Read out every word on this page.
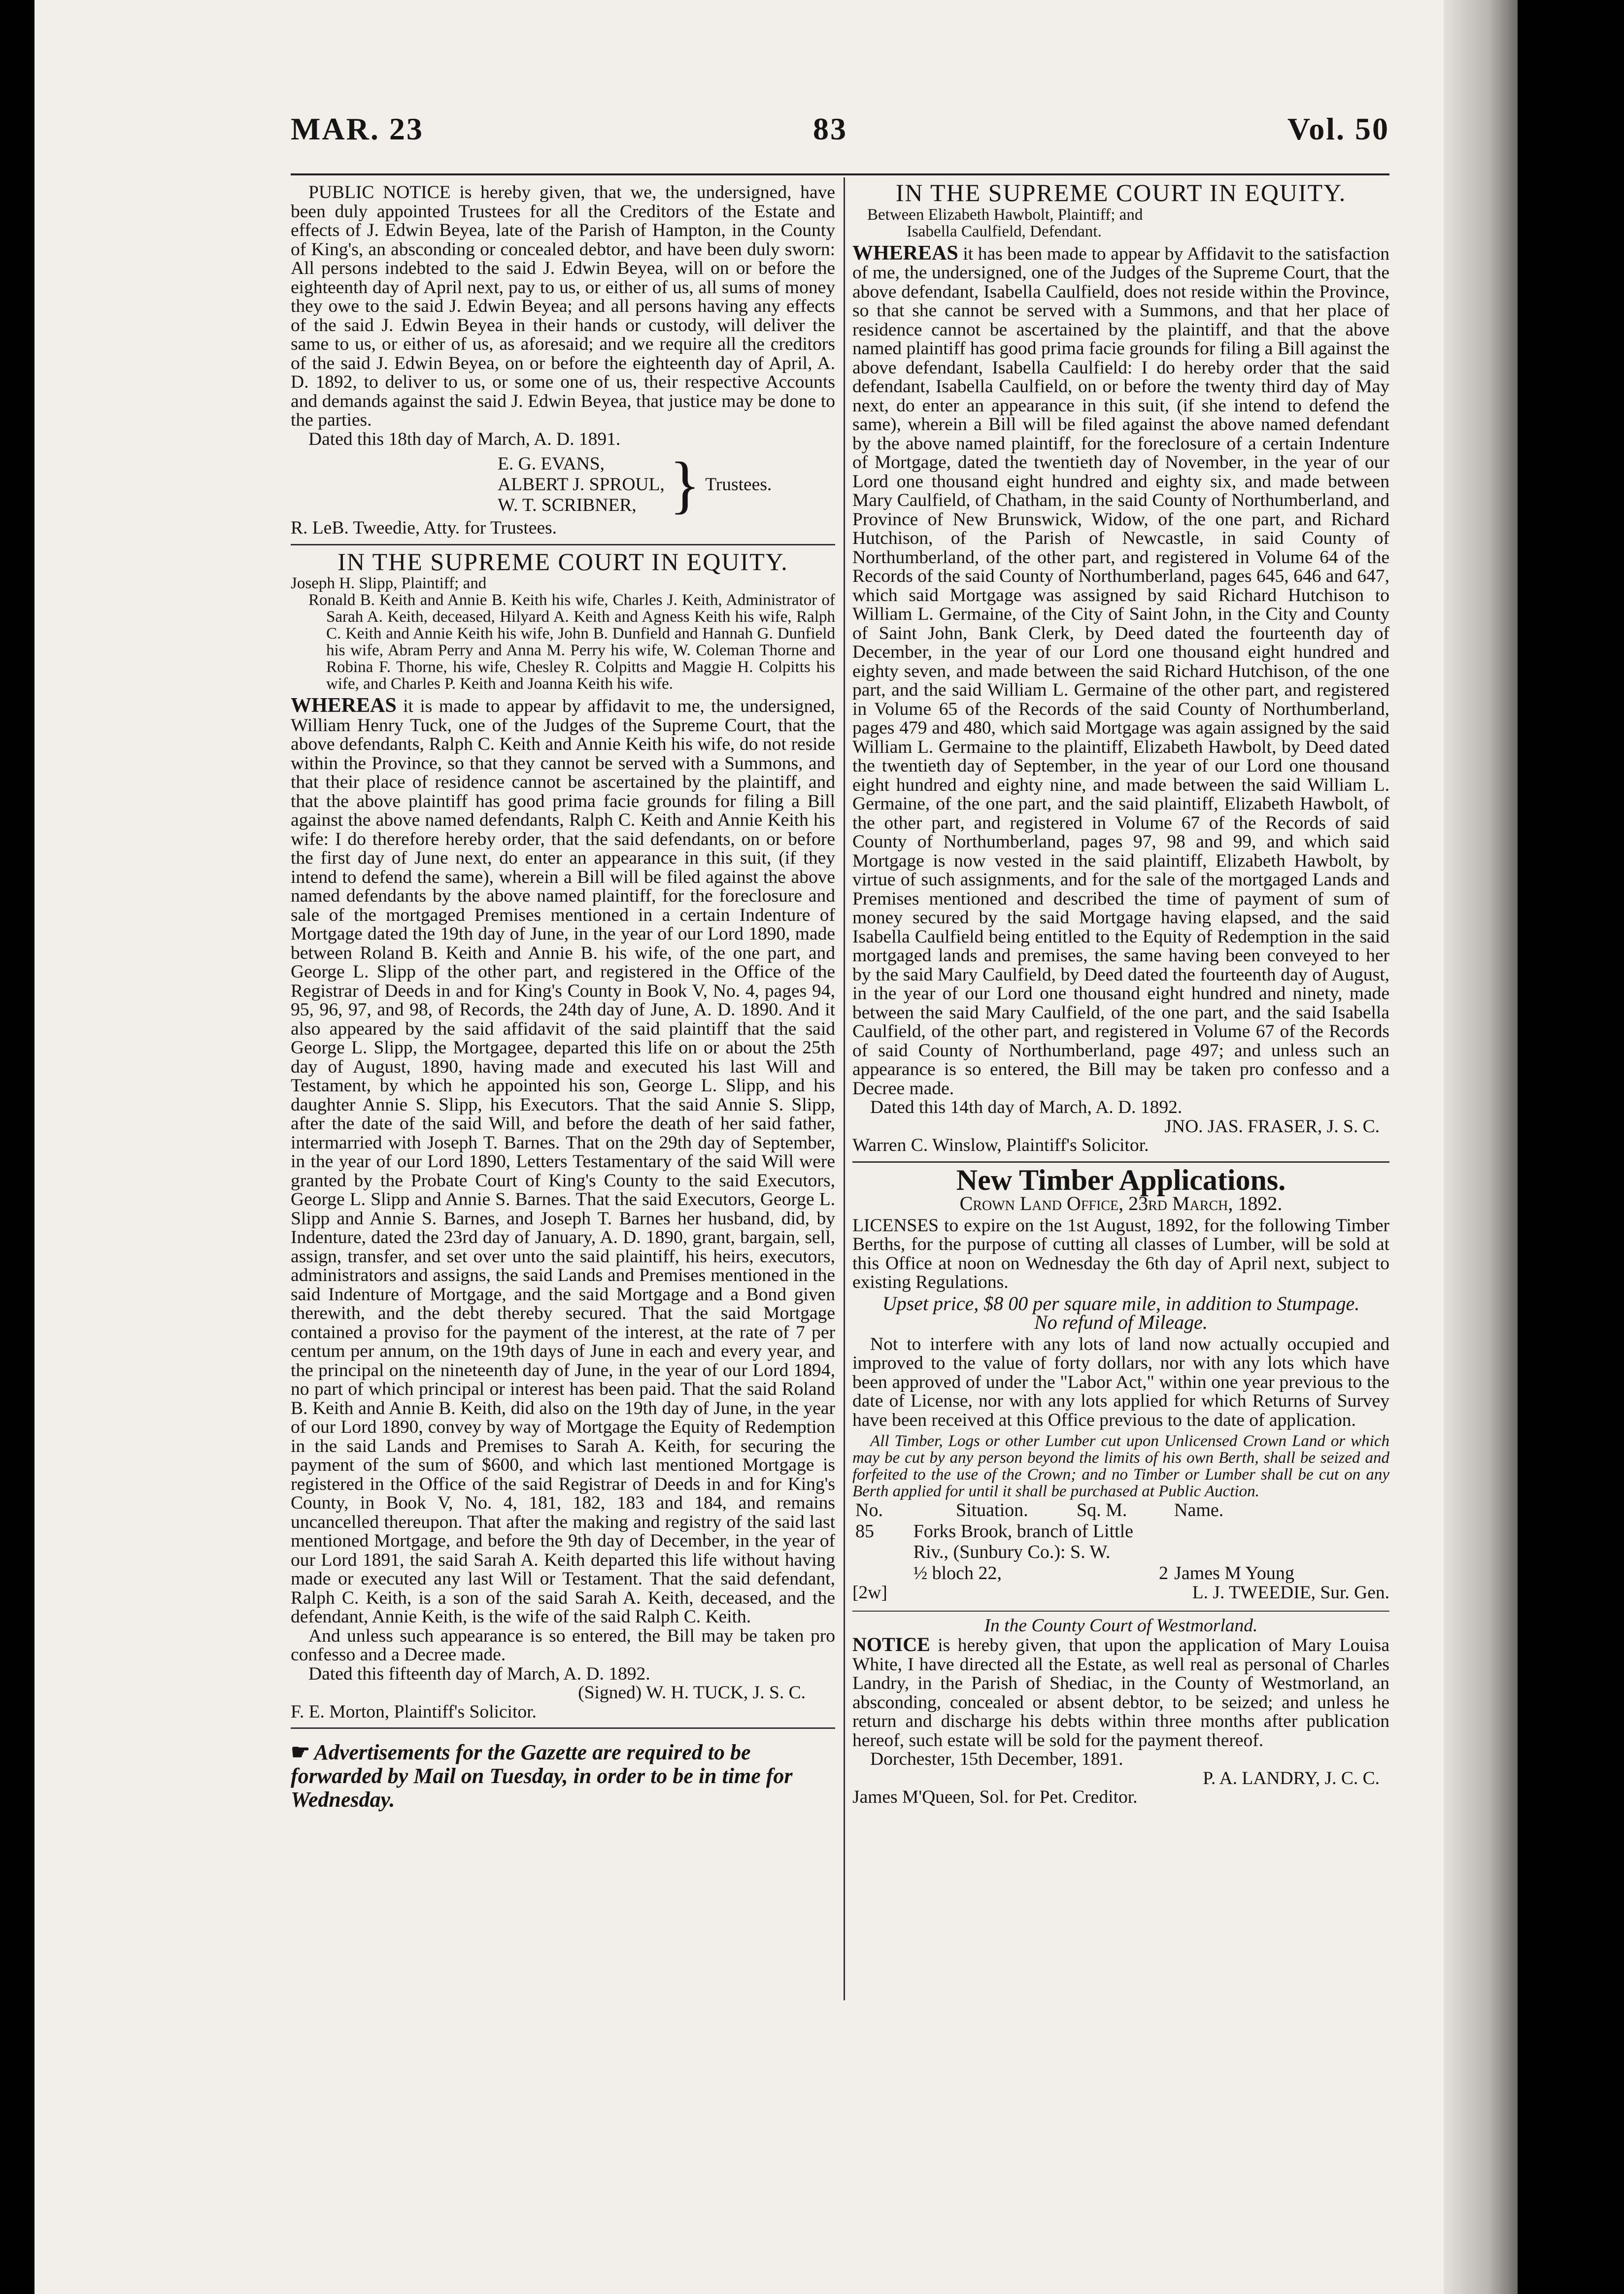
MAR. 23	83	Vol. 50

PUBLIC NOTICE is hereby given, that we, the undersigned, have been duly appointed Trustees for all the Creditors of the Estate and effects of J. Edwin Beyea, late of the Parish of Hampton, in the County of King's, an absconding or concealed debtor, and have been duly sworn: All persons indebted to the said J. Edwin Beyea, will on or before the eighteenth day of April next, pay to us, or either of us, all sums of money they owe to the said J. Edwin Beyea; and all persons having any effects of the said J. Edwin Beyea in their hands or custody, will deliver the same to us, or either of us, as aforesaid; and we require all the creditors of the said J. Edwin Beyea, on or before the eighteenth day of April, A. D. 1892, to deliver to us, or some one of us, their respective Accounts and demands against the said J. Edwin Beyea, that justice may be done to the parties.

Dated this 18th day of March, A. D. 1891.

E. G. EVANS,
ALBERT J. SPROUL,
W. T. SCRIBNER, } Trustees.

R. LeB. Tweedie, Atty. for Trustees.

IN THE SUPREME COURT IN EQUITY.

Joseph H. Slipp, Plaintiff; and

Ronald B. Keith and Annie B. Keith his wife, Charles J. Keith, Administrator of Sarah A. Keith, deceased, Hilyard A. Keith and Agness Keith his wife, Ralph C. Keith and Annie Keith his wife, John B. Dunfield and Hannah G. Dunfield his wife, Abram Perry and Anna M. Perry his wife, W. Coleman Thorne and Robina F. Thorne, his wife, Chesley R. Colpitts and Maggie H. Colpitts his wife, and Charles P. Keith and Joanna Keith his wife.

WHEREAS it is made to appear by affidavit to me, the undersigned, William Henry Tuck, one of the Judges of the Supreme Court, that the above defendants, Ralph C. Keith and Annie Keith his wife, do not reside within the Province, so that they cannot be served with a Summons, and that their place of residence cannot be ascertained by the plaintiff, and that the above plaintiff has good prima facie grounds for filing a Bill against the above named defendants, Ralph C. Keith and Annie Keith his wife: I do therefore hereby order, that the said defendants, on or before the first day of June next, do enter an appearance in this suit, (if they intend to defend the same), wherein a Bill will be filed against the above named defendants by the above named plaintiff, for the foreclosure and sale of the mortgaged Premises mentioned in a certain Indenture of Mortgage dated the 19th day of June, in the year of our Lord 1890, made between Roland B. Keith and Annie B. his wife, of the one part, and George L. Slipp of the other part, and registered in the Office of the Registrar of Deeds in and for King's County in Book V, No. 4, pages 94, 95, 96, 97, and 98, of Records, the 24th day of June, A. D. 1890. And it also appeared by the said affidavit of the said plaintiff that the said George L. Slipp, the Mortgagee, departed this life on or about the 25th day of August, 1890, having made and executed his last Will and Testament, by which he appointed his son, George L. Slipp, and his daughter Annie S. Slipp, his Executors. That the said Annie S. Slipp, after the date of the said Will, and before the death of her said father, intermarried with Joseph T. Barnes. That on the 29th day of September, in the year of our Lord 1890, Letters Testamentary of the said Will were granted by the Probate Court of King's County to the said Executors, George L. Slipp and Annie S. Barnes. That the said Executors, George L. Slipp and Annie S. Barnes, and Joseph T. Barnes her husband, did, by Indenture, dated the 23rd day of January, A. D. 1890, grant, bargain, sell, assign, transfer, and set over unto the said plaintiff, his heirs, executors, administrators and assigns, the said Lands and Premises mentioned in the said Indenture of Mortgage, and the said Mortgage and a Bond given therewith, and the debt thereby secured. That the said Mortgage contained a proviso for the payment of the interest, at the rate of 7 per centum per annum, on the 19th days of June in each and every year, and the principal on the nineteenth day of June, in the year of our Lord 1894, no part of which principal or interest has been paid. That the said Roland B. Keith and Annie B. Keith, did also on the 19th day of June, in the year of our Lord 1890, convey by way of Mortgage the Equity of Redemption in the said Lands and Premises to Sarah A. Keith, for securing the payment of the sum of $600, and which last mentioned Mortgage is registered in the Office of the said Registrar of Deeds in and for King's County, in Book V, No. 4, 181, 182, 183 and 184, and remains uncancelled thereupon. That after the making and registry of the said last mentioned Mortgage, and before the 9th day of December, in the year of our Lord 1891, the said Sarah A. Keith departed this life without having made or executed any last Will or Testament. That the said defendant, Ralph C. Keith, is a son of the said Sarah A. Keith, deceased, and the defendant, Annie Keith, is the wife of the said Ralph C. Keith.

And unless such appearance is so entered, the Bill may be taken pro confesso and a Decree made.

Dated this fifteenth day of March, A. D. 1892.

(Signed) W. H. TUCK, J. S. C.

F. E. Morton, Plaintiff's Solicitor.

☛ Advertisements for the Gazette are required to be forwarded by Mail on Tuesday, in order to be in time for Wednesday.

IN THE SUPREME COURT IN EQUITY.

Between Elizabeth Hawbolt, Plaintiff; and

Isabella Caulfield, Defendant.

WHEREAS it has been made to appear by Affidavit to the satisfaction of me, the undersigned, one of the Judges of the Supreme Court, that the above defendant, Isabella Caulfield, does not reside within the Province, so that she cannot be served with a Summons, and that her place of residence cannot be ascertained by the plaintiff, and that the above named plaintiff has good prima facie grounds for filing a Bill against the above defendant, Isabella Caulfield: I do hereby order that the said defendant, Isabella Caulfield, on or before the twenty third day of May next, do enter an appearance in this suit, (if she intend to defend the same), wherein a Bill will be filed against the above named defendant by the above named plaintiff, for the foreclosure of a certain Indenture of Mortgage, dated the twentieth day of November, in the year of our Lord one thousand eight hundred and eighty six, and made between Mary Caulfield, of Chatham, in the said County of Northumberland, and Province of New Brunswick, Widow, of the one part, and Richard Hutchison, of the Parish of Newcastle, in said County of Northumberland, of the other part, and registered in Volume 64 of the Records of the said County of Northumberland, pages 645, 646 and 647, which said Mortgage was assigned by said Richard Hutchison to William L. Germaine, of the City of Saint John, in the City and County of Saint John, Bank Clerk, by Deed dated the fourteenth day of December, in the year of our Lord one thousand eight hundred and eighty seven, and made between the said Richard Hutchison, of the one part, and the said William L. Germaine of the other part, and registered in Volume 65 of the Records of the said County of Northumberland, pages 479 and 480, which said Mortgage was again assigned by the said William L. Germaine to the plaintiff, Elizabeth Hawbolt, by Deed dated the twentieth day of September, in the year of our Lord one thousand eight hundred and eighty nine, and made between the said William L. Germaine, of the one part, and the said plaintiff, Elizabeth Hawbolt, of the other part, and registered in Volume 67 of the Records of said County of Northumberland, pages 97, 98 and 99, and which said Mortgage is now vested in the said plaintiff, Elizabeth Hawbolt, by virtue of such assignments, and for the sale of the mortgaged Lands and Premises mentioned and described the time of payment of sum of money secured by the said Mortgage having elapsed, and the said Isabella Caulfield being entitled to the Equity of Redemption in the said mortgaged lands and premises, the same having been conveyed to her by the said Mary Caulfield, by Deed dated the fourteenth day of August, in the year of our Lord one thousand eight hundred and ninety, made between the said Mary Caulfield, of the one part, and the said Isabella Caulfield, of the other part, and registered in Volume 67 of the Records of said County of Northumberland, page 497; and unless such an appearance is so entered, the Bill may be taken pro confesso and a Decree made.

Dated this 14th day of March, A. D. 1892.

JNO. JAS. FRASER, J. S. C.

Warren C. Winslow, Plaintiff's Solicitor.

New Timber Applications.

Crown Land Office, 23rd March, 1892.

LICENSES to expire on the 1st August, 1892, for the following Timber Berths, for the purpose of cutting all classes of Lumber, will be sold at this Office at noon on Wednesday the 6th day of April next, subject to existing Regulations.

Upset price, $8 00 per square mile, in addition to Stumpage.

No refund of Mileage.

Not to interfere with any lots of land now actually occupied and improved to the value of forty dollars, nor with any lots which have been approved of under the "Labor Act," within one year previous to the date of License, nor with any lots applied for which Returns of Survey have been received at this Office previous to the date of application.

All Timber, Logs or other Lumber cut upon Unlicensed Crown Land or which may be cut by any person beyond the limits of his own Berth, shall be seized and forfeited to the use of the Crown; and no Timber or Lumber shall be cut on any Berth applied for until it shall be purchased at Public Auction.

No.	Situation.	Sq. M.	Name.
85	Forks Brook, branch of Little		
	Riv., (Sunbury Co.): S. W.		
	½ bloch 22,	2	James M Young

[2w]	L. J. TWEEDIE, Sur. Gen.

In the County Court of Westmorland.

NOTICE is hereby given, that upon the application of Mary Louisa White, I have directed all the Estate, as well real as personal of Charles Landry, in the Parish of Shediac, in the County of Westmorland, an absconding, concealed or absent debtor, to be seized; and unless he return and discharge his debts within three months after publication hereof, such estate will be sold for the payment thereof.

Dorchester, 15th December, 1891.

P. A. LANDRY, J. C. C.

James M'Queen, Sol. for Pet. Creditor.
